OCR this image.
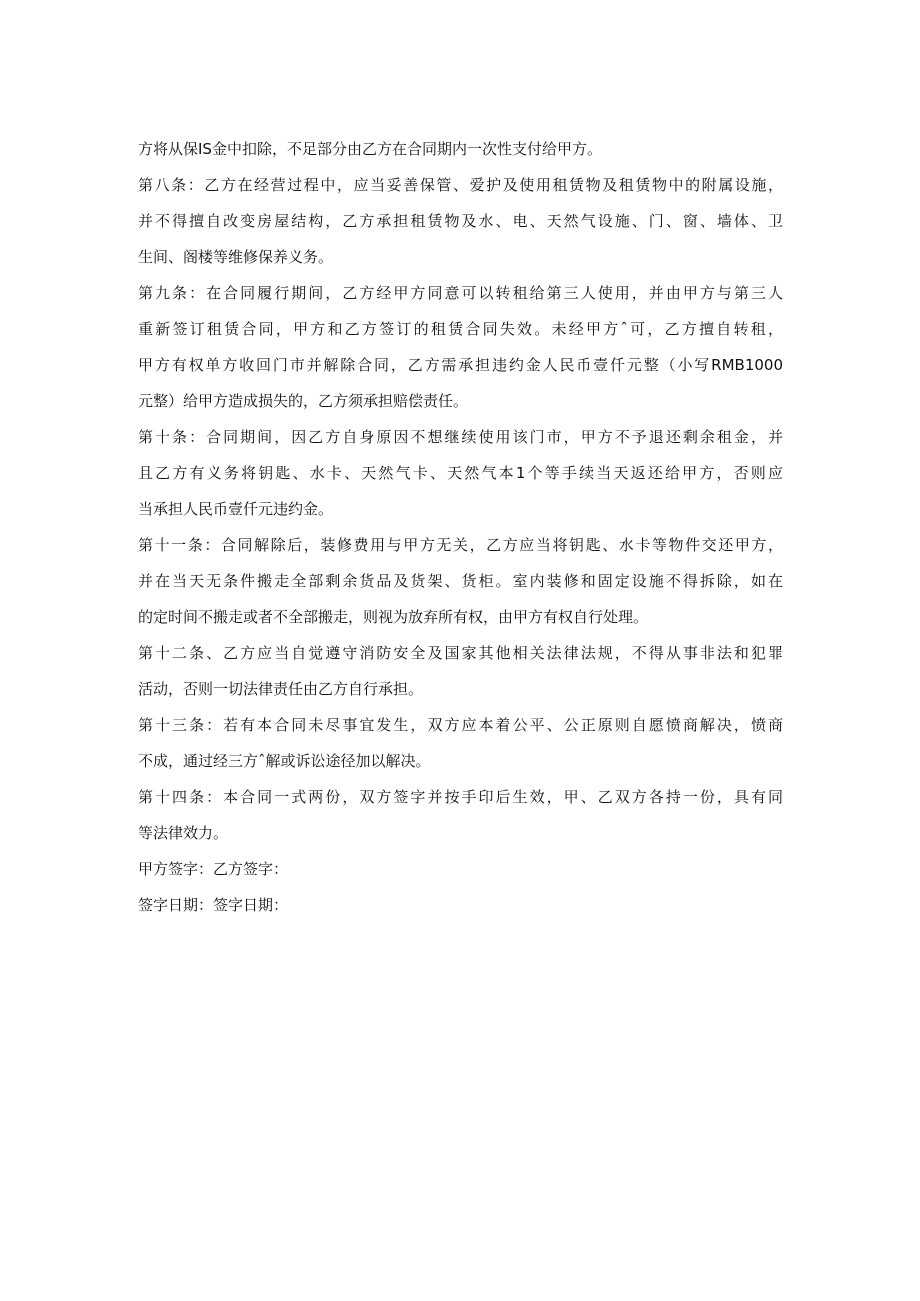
方将从保IS金中扣除，不足部分由乙方在合同期内一次性支付给甲方。
第八条：乙方在经营过程中，应当妥善保管、爱护及使用租赁物及租赁物中的附属设施，
并不得擅自改变房屋结构，乙方承担租赁物及水、电、天然气设施、门、窗、墙体、卫
生间、阁楼等维修保养义务。
第九条：在合同履行期间，乙方经甲方同意可以转租给第三人使用，并由甲方与第三人
重新签订租赁合同，甲方和乙方签订的租赁合同失效。未经甲方ˆ可，乙方擅自转租，
甲方有权单方收回门市并解除合同，乙方需承担违约金人民币壹仟元整（小写RMB1000
元整）给甲方造成损失的，乙方须承担赔偿责任。
第十条：合同期间，因乙方自身原因不想继续使用该门市，甲方不予退还剩余租金，并
且乙方有义务将钥匙、水卡、天然气卡、天然气本1个等手续当天返还给甲方，否则应
当承担人民币壹仟元违约金。
第十一条：合同解除后，装修费用与甲方无关，乙方应当将钥匙、水卡等物件交还甲方，
并在当天无条件搬走全部剩余货品及货架、货柜。室内装修和固定设施不得拆除，如在
的定时间不搬走或者不全部搬走，则视为放弃所有权，由甲方有权自行处理。
第十二条、乙方应当自觉遵守消防安全及国家其他相关法律法规，不得从事非法和犯罪
活动，否则一切法律责任由乙方自行承担。
第十三条：若有本合同未尽事宜发生，双方应本着公平、公正原则自愿愤商解决，愤商
不成，通过经三方ˆ解或诉讼途径加以解决。
第十四条：本合同一式两份，双方签字并按手印后生效，甲、乙双方各持一份，具有同
等法律效力。
甲方签字：乙方签字：
签字日期：签字日期：
